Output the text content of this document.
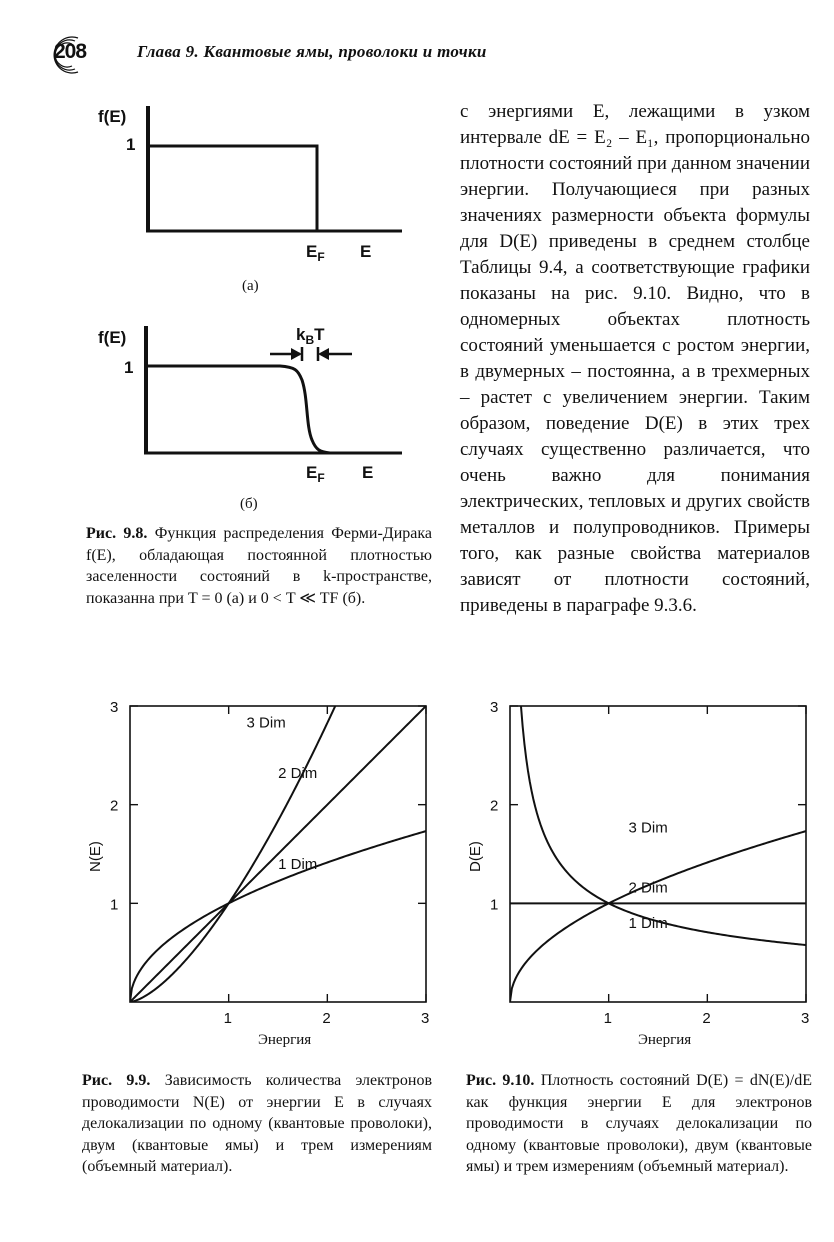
208	Глава 9. Квантовые ямы, проволоки и точки
f(E)
1
$E_F$ E
(а)
f(E)
1
$k_BT$
$E_F$ E
(б)
Рис. 9.8. Функция распределения Ферми-Дирака f(E), обладающая постоянной плотностью заселенности состояний в k-пространстве, показанна при T = 0 (а) и 0 < T ≪ TF (б).

с энергиями E, лежащими в узком интервале dE = E₂ – E₁, пропорционально плотности состояний при данном значении энергии. Получающиеся при разных значениях размерности объекта формулы для D(E) приведены в среднем столбце Таблицы 9.4, а соответствующие графики показаны на рис. 9.10. Видно, что в одномерных объектах плотность состояний уменьшается с ростом энергии, в двумерных – постоянна, а в трехмерных – растет с увеличением энергии. Таким образом, поведение D(E) в этих трех случаях существенно различается, что очень важно для понимания электрических, тепловых и других свойств металлов и полупроводников. Примеры того, как разные свойства материалов зависят от плотности состояний, приведены в параграфе 9.3.6.

1	2	3
1
2
3
Энергия
N(E)	1 Dim
2 Dim
3 Dim
Рис. 9.9. Зависимость количества электронов проводимости N(E) от энергии E в случаях делокализации по одному (квантовые проволоки), двум (квантовые ямы) и трем измерениям (объемный материал).
1	2	3
1
2
3
Энергия
D(E)
3 Dim
2 Dim
1 Dim
Рис. 9.10. Плотность состояний D(E) = dN(E)/dE как функция энергии E для электронов проводимости в случаях делокализации по одному (квантовые проволоки), двум (квантовые ямы) и трем измерениям (объемный материал).
